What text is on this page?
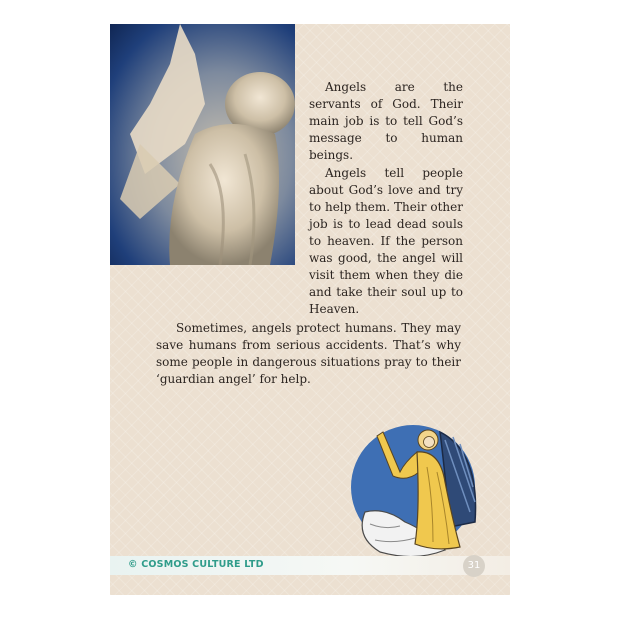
Angels are the servants of God. Their main job is to tell God’s message to human beings.

Angels tell people about God’s love and try to help them. Their other job is to lead dead souls to heaven. If the person was good, the angel will visit them when they die and take their soul up to Heaven.

Sometimes, angels protect humans. They may save humans from serious accidents. That’s why some people in dangerous situations pray to their ‘guardian angel’ for help.

© COSMOS CULTURE LTD	31
